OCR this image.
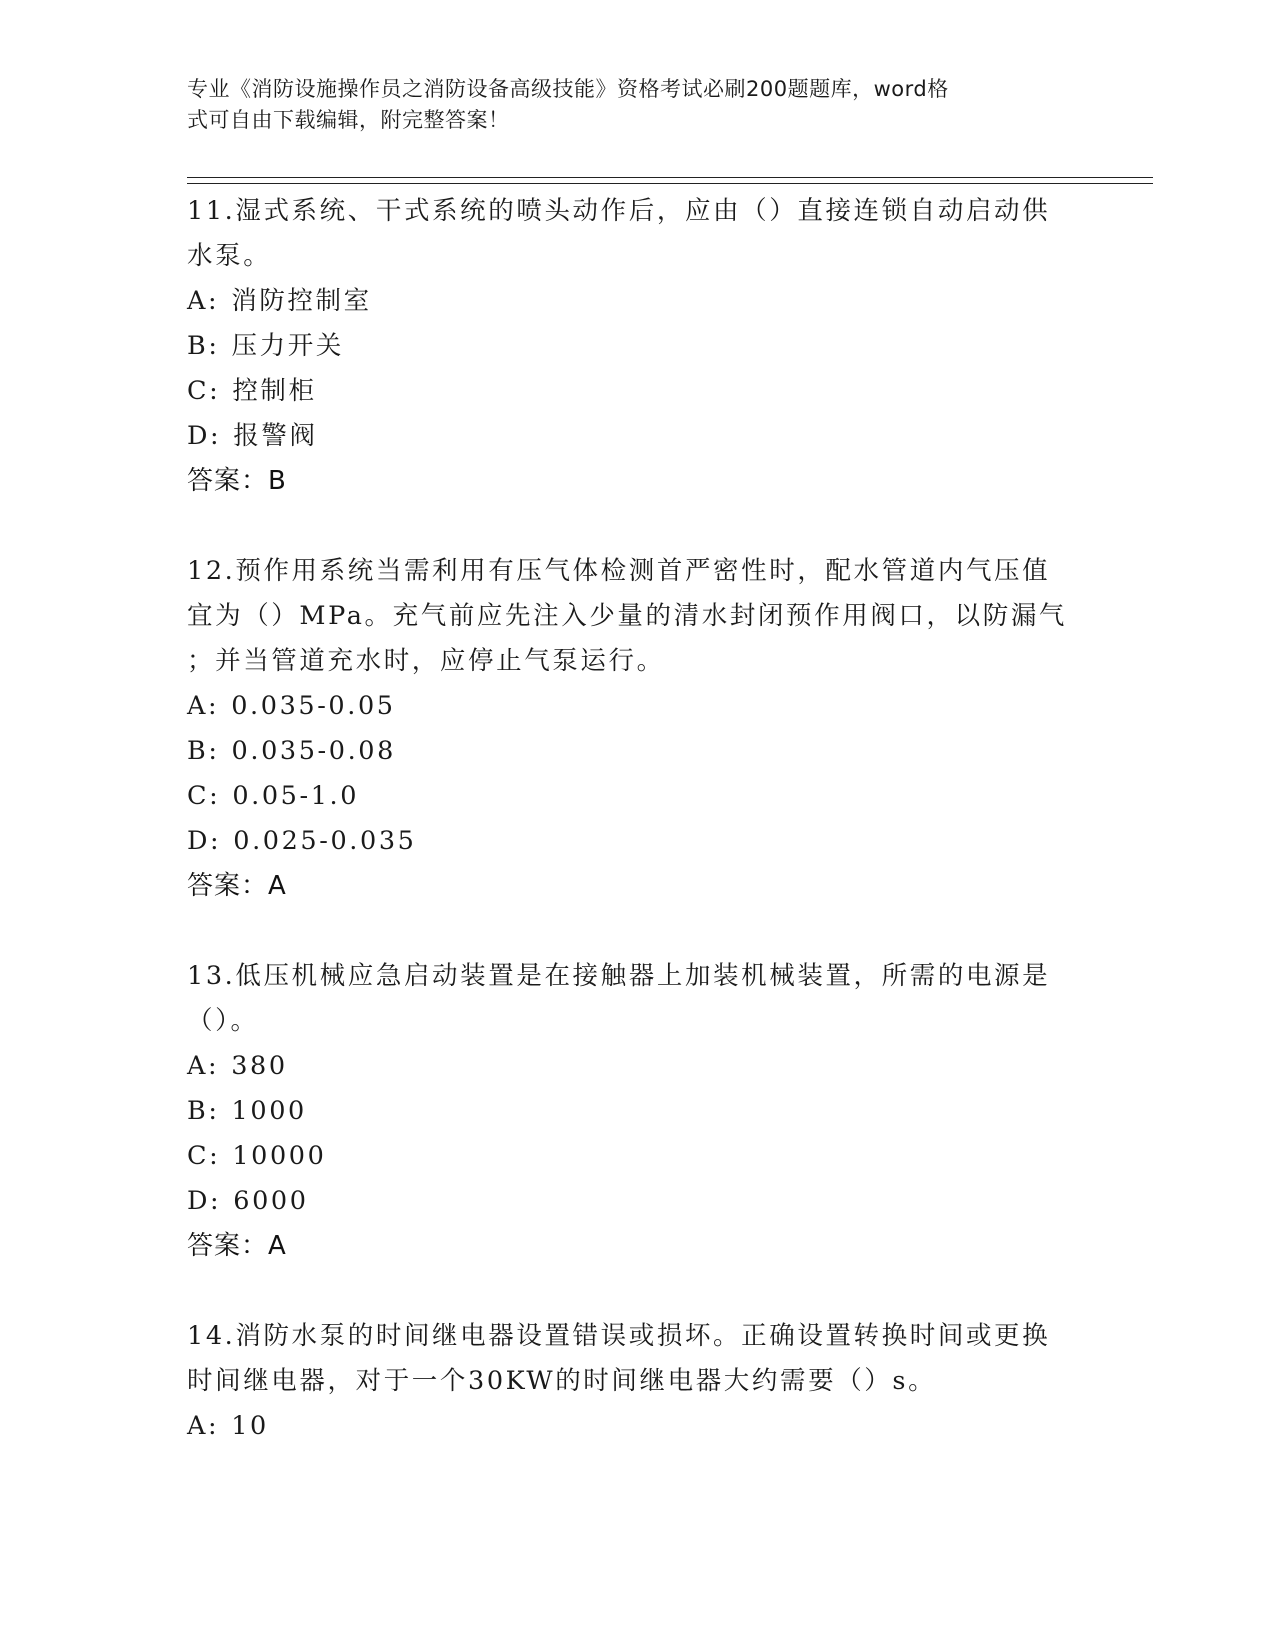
专业《消防设施操作员之消防设备高级技能》资格考试必刷200题题库，word格
式可自由下载编辑，附完整答案！

11.湿式系统、干式系统的喷头动作后，应由（）直接连锁自动启动供

水泵。

A: 消防控制室

B: 压力开关

C: 控制柜

D: 报警阀

答案：B

12.预作用系统当需利用有压气体检测首严密性时，配水管道内气压值

宜为（）MPa。充气前应先注入少量的清水封闭预作用阀口，以防漏气

；并当管道充水时，应停止气泵运行。

A: 0.035-0.05

B: 0.035-0.08

C: 0.05-1.0

D: 0.025-0.035

答案：A

13.低压机械应急启动装置是在接触器上加装机械装置，所需的电源是

（）。

A: 380

B: 1000

C: 10000

D: 6000

答案：A

14.消防水泵的时间继电器设置错误或损坏。正确设置转换时间或更换

时间继电器，对于一个30KW的时间继电器大约需要（）s。

A: 10
